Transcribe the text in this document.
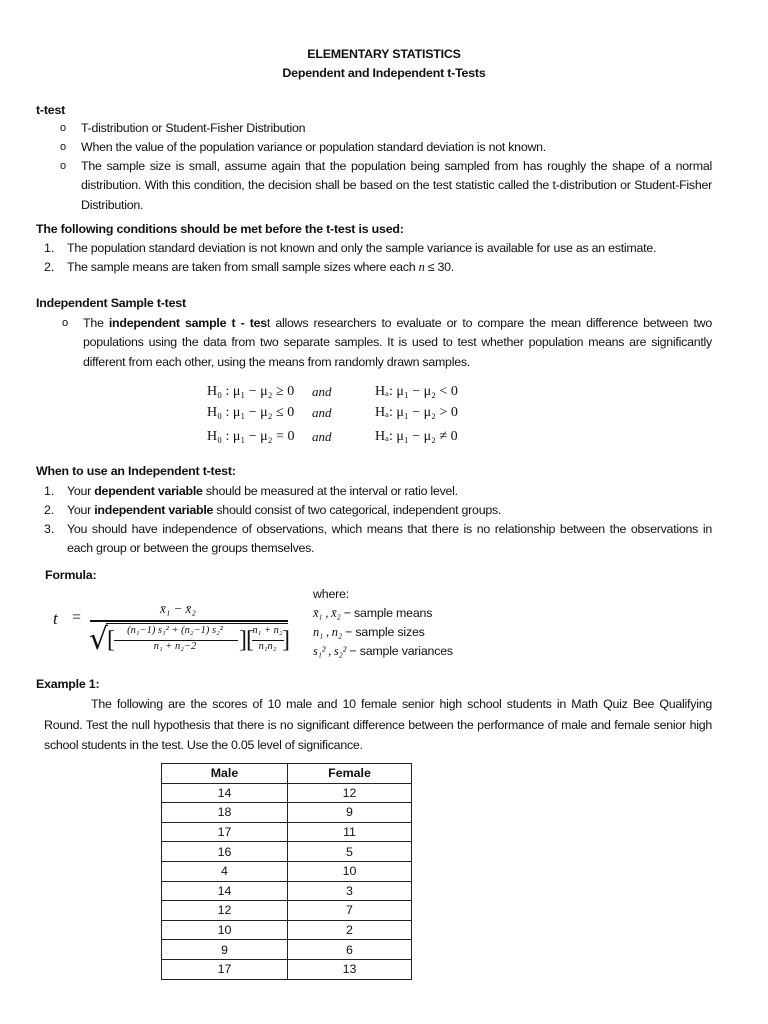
ELEMENTARY STATISTICS
Dependent and Independent t-Tests
t-test
o	T-distribution or Student-Fisher Distribution
o	When the value of the population variance or population standard deviation is not known.
o	The sample size is small, assume again that the population being sampled from has roughly the shape of a normal distribution. With this condition, the decision shall be based on the test statistic called the t-distribution or Student-Fisher Distribution.
The following conditions should be met before the t-test is used:
1.	The population standard deviation is not known and only the sample variance is available for use as an estimate.
2.	The sample means are taken from small sample sizes where each n ≤ 30.
Independent Sample t-test
o	The independent sample t - test allows researchers to evaluate or to compare the mean difference between two populations using the data from two separate samples. It is used to test whether population means are significantly different from each other, using the means from randomly drawn samples.
H₀ : μ₁ − μ₂ ≥ 0	and	Hₐ: μ₁ − μ₂ < 0
H₀ : μ₁ − μ₂ ≤ 0	and	Hₐ: μ₁ − μ₂ > 0
H₀ : μ₁ − μ₂ = 0	and	Hₐ: μ₁ − μ₂ ≠ 0
When to use an Independent t-test:
1.	Your dependent variable should be measured at the interval or ratio level.
2.	Your independent variable should consist of two categorical, independent groups.
3.	You should have independence of observations, which means that there is no relationship between the observations in each group or between the groups themselves.
Formula:
t =
x̄₁ − x̄₂
√
[	(n₁−1) s₁² + (n₂−1) s₂²
n₁ + n₂−2	] [
n₁ + n₂
n₁n₂ ]
where:
x̄₁ , x̄₂ − sample means
n₁ , n₂ − sample sizes
s₁² , s₂² − sample variances
Example 1:
The following are the scores of 10 male and 10 female senior high school students in Math Quiz Bee Qualifying Round. Test the null hypothesis that there is no significant difference between the performance of male and female senior high school students in the test. Use the 0.05 level of significance.
Male	Female
14	12
18	9
17	11
16	5
4	10
14	3
12	7
10	2
9	6
17	13
